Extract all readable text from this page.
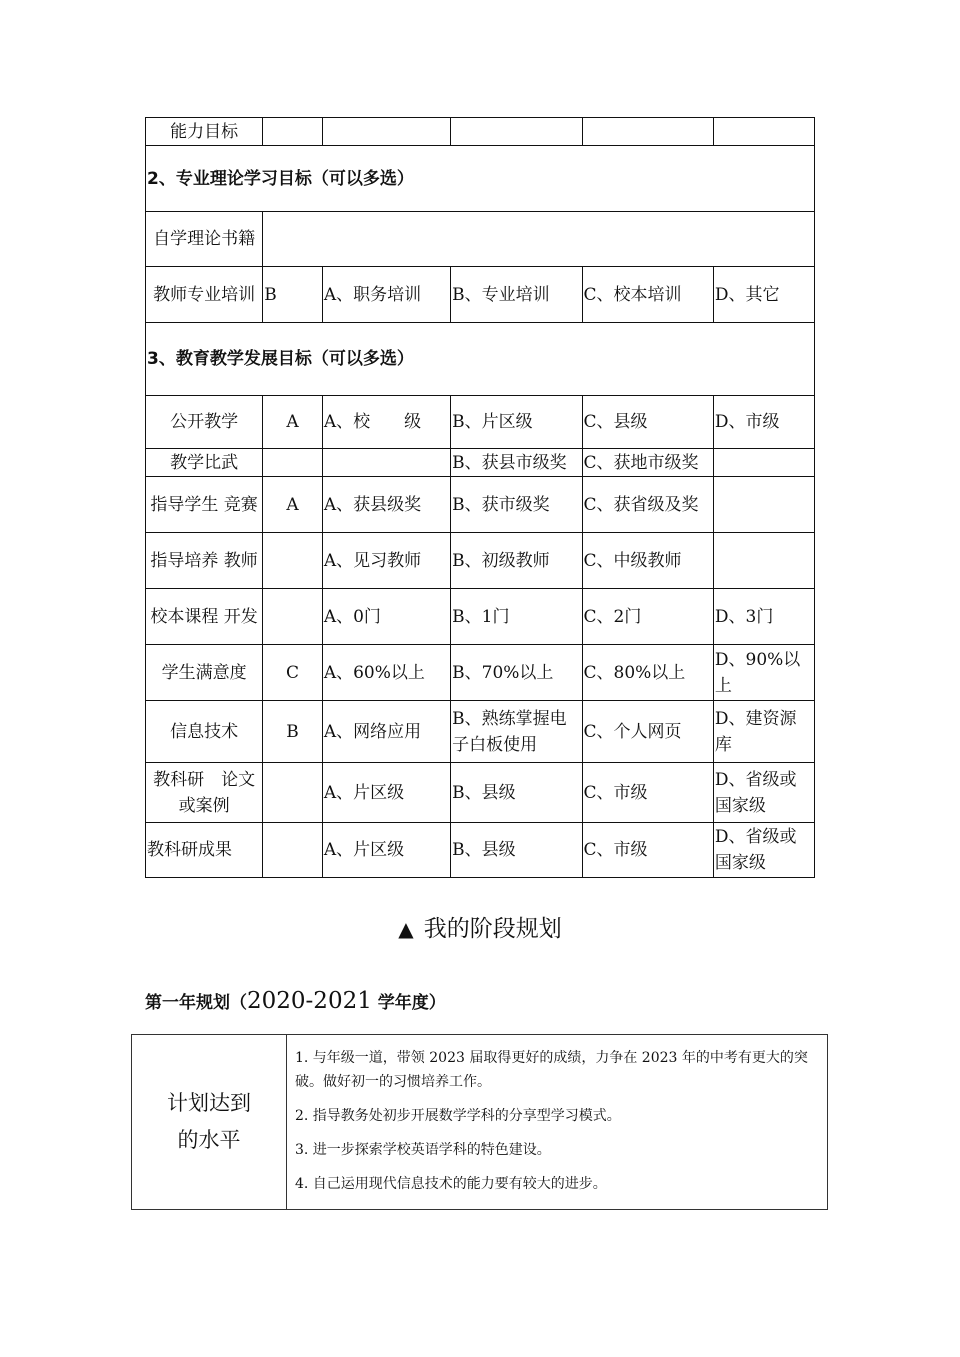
能力目标					
2、专业理论学习目标（可以多选）					
自学理论书籍					
教师专业培训	B	A、职务培训	B、专业培训	C、校本培训	D、其它
3、教育教学发展目标（可以多选）					
公开教学	A	A、校　　级	B、片区级	C、县级	D、市级
教学比武			B、获县市级奖	C、获地市级奖	
指导学生 竞赛	A	A、获县级奖	B、获市级奖	C、获省级及奖	
指导培养 教师		A、见习教师	B、初级教师	C、中级教师	
校本课程 开发		A、0门	B、1门	C、2门	D、3门
学生满意度	C	A、60%以上	B、70%以上	C、80%以上	D、90%以上
信息技术	B	A、网络应用	B、熟练掌握电子白板使用	C、个人网页	D、建资源库
教科研　论文或案例		A、片区级	B、县级	C、市级	D、省级或国家级
教科研成果		A、片区级	B、县级	C、市级	D、省级或国家级
▲ 我的阶段规划
第一年规划（2020-2021 学年度）
计划达到的水平	

1. 与年级一道，带领 2023 届取得更好的成绩，力争在 2023 年的中考有更大的突破。做好初一的习惯培养工作。

2. 指导教务处初步开展数学学科的分享型学习模式。

3. 进一步探索学校英语学科的特色建设。

4. 自己运用现代信息技术的能力要有较大的进步。
